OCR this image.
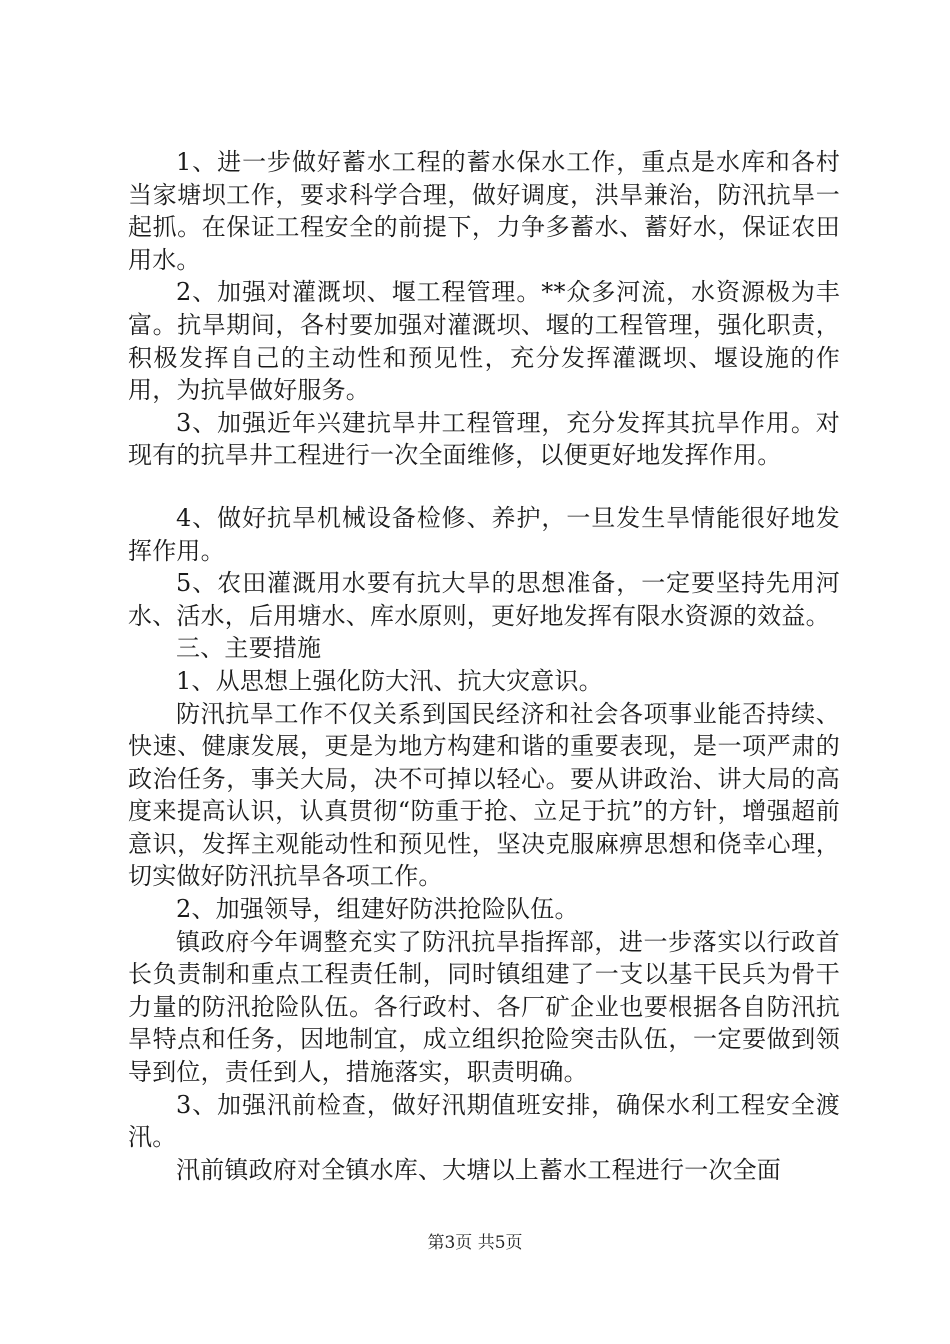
1、进一步做好蓄水工程的蓄水保水工作，重点是水库和各村当家塘坝工作，要求科学合理，做好调度，洪旱兼治，防汛抗旱一起抓。在保证工程安全的前提下，力争多蓄水、蓄好水，保证农田用水。

2、加强对灌溉坝、堰工程管理。**众多河流，水资源极为丰富。抗旱期间，各村要加强对灌溉坝、堰的工程管理，强化职责，积极发挥自己的主动性和预见性，充分发挥灌溉坝、堰设施的作用，为抗旱做好服务。

3、加强近年兴建抗旱井工程管理，充分发挥其抗旱作用。对现有的抗旱井工程进行一次全面维修，以便更好地发挥作用。

4、做好抗旱机械设备检修、养护，一旦发生旱情能很好地发挥作用。

5、农田灌溉用水要有抗大旱的思想准备，一定要坚持先用河水、活水，后用塘水、库水原则，更好地发挥有限水资源的效益。

三、主要措施

1、从思想上强化防大汛、抗大灾意识。

防汛抗旱工作不仅关系到国民经济和社会各项事业能否持续、快速、健康发展，更是为地方构建和谐的重要表现，是一项严肃的政治任务，事关大局，决不可掉以轻心。要从讲政治、讲大局的高度来提高认识，认真贯彻“防重于抢、立足于抗”的方针，增强超前意识，发挥主观能动性和预见性，坚决克服麻痹思想和侥幸心理，切实做好防汛抗旱各项工作。

2、加强领导，组建好防洪抢险队伍。

镇政府今年调整充实了防汛抗旱指挥部，进一步落实以行政首长负责制和重点工程责任制，同时镇组建了一支以基干民兵为骨干力量的防汛抢险队伍。各行政村、各厂矿企业也要根据各自防汛抗旱特点和任务，因地制宜，成立组织抢险突击队伍，一定要做到领导到位，责任到人，措施落实，职责明确。

3、加强汛前检查，做好汛期值班安排，确保水利工程安全渡汛。

汛前镇政府对全镇水库、大塘以上蓄水工程进行一次全面

第3页 共5页
